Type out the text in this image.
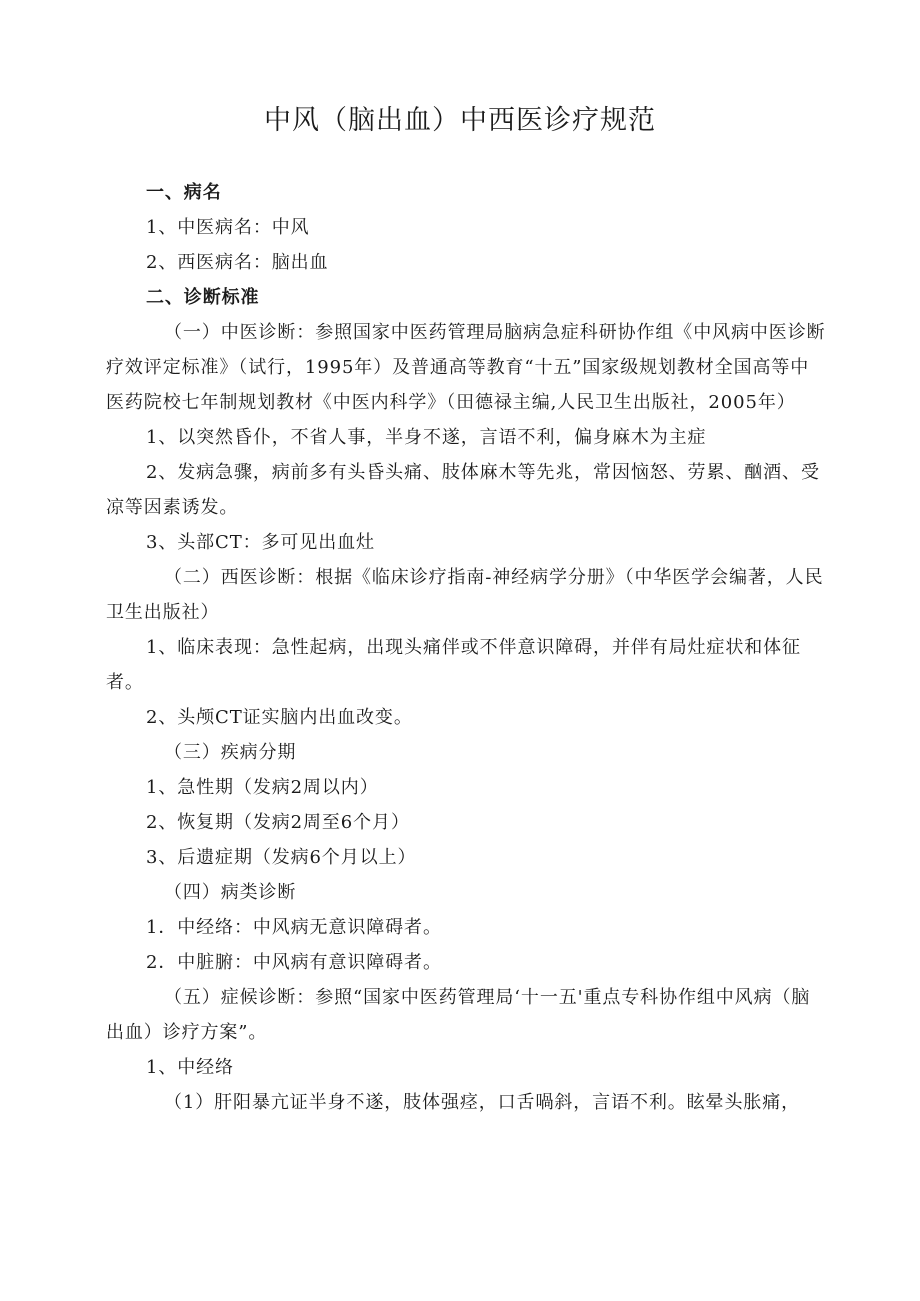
中风（脑出血）中西医诊疗规范

一、病名

1、中医病名：中风

2、西医病名：脑出血

二、诊断标准

（一）中医诊断：参照国家中医药管理局脑病急症科研协作组《中风病中医诊断疗效评定标准》（试行，1995年）及普通高等教育“十五”国家级规划教材全国高等中医药院校七年制规划教材《中医内科学》（田德禄主编,人民卫生出版社，2005年）

1、以突然昏仆，不省人事，半身不遂，言语不利，偏身麻木为主症

2、发病急骤，病前多有头昏头痛、肢体麻木等先兆，常因恼怒、劳累、酗酒、受凉等因素诱发。

3、头部CT：多可见出血灶

（二）西医诊断：根据《临床诊疗指南-神经病学分册》（中华医学会编著，人民卫生出版社）

1、临床表现：急性起病，出现头痛伴或不伴意识障碍，并伴有局灶症状和体征者。

2、头颅CT证实脑内出血改变。

（三）疾病分期

1、急性期（发病2周以内）

2、恢复期（发病2周至6个月）

3、后遗症期（发病6个月以上）

（四）病类诊断

1．中经络：中风病无意识障碍者。

2．中脏腑：中风病有意识障碍者。

（五）症候诊断：参照“国家中医药管理局‘十一五'重点专科协作组中风病（脑出血）诊疗方案”。

1、中经络

（1）肝阳暴亢证半身不遂，肢体强痉，口舌喎斜，言语不利。眩晕头胀痛，
